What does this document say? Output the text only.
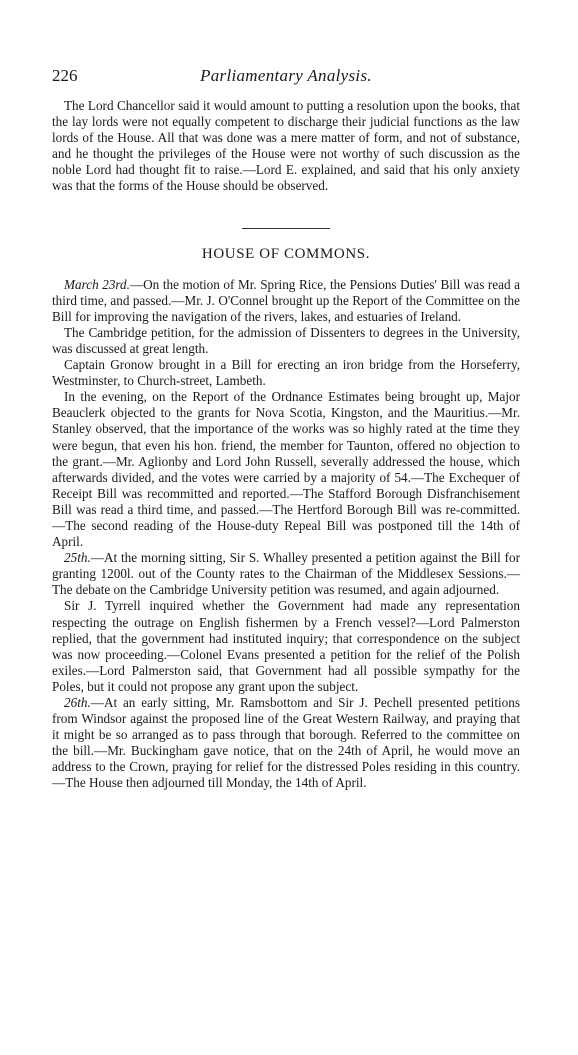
226	Parliamentary Analysis.

The Lord Chancellor said it would amount to putting a resolution upon the books, that the lay lords were not equally competent to discharge their judicial functions as the law lords of the House. All that was done was a mere matter of form, and not of substance, and he thought the privileges of the House were not worthy of such discussion as the noble Lord had thought fit to raise.—Lord E. explained, and said that his only anxiety was that the forms of the House should be observed.

HOUSE OF COMMONS.

March 23rd.—On the motion of Mr. Spring Rice, the Pensions Duties' Bill was read a third time, and passed.—Mr. J. O'Connel brought up the Report of the Committee on the Bill for improving the navigation of the rivers, lakes, and estuaries of Ireland.

The Cambridge petition, for the admission of Dissenters to degrees in the University, was discussed at great length.

Captain Gronow brought in a Bill for erecting an iron bridge from the Horseferry, Westminster, to Church-street, Lambeth.

In the evening, on the Report of the Ordnance Estimates being brought up, Major Beauclerk objected to the grants for Nova Scotia, Kingston, and the Mauritius.—Mr. Stanley observed, that the importance of the works was so highly rated at the time they were begun, that even his hon. friend, the member for Taunton, offered no objection to the grant.—Mr. Aglionby and Lord John Russell, severally addressed the house, which afterwards divided, and the votes were carried by a majority of 54.—The Exchequer of Receipt Bill was recommitted and reported.—The Stafford Borough Disfranchisement Bill was read a third time, and passed.—The Hertford Borough Bill was re-committed.—The second reading of the House-duty Repeal Bill was postponed till the 14th of April.

25th.—At the morning sitting, Sir S. Whalley presented a petition against the Bill for granting 1200l. out of the County rates to the Chairman of the Middlesex Sessions.—The debate on the Cambridge University petition was resumed, and again adjourned.

Sir J. Tyrrell inquired whether the Government had made any representation respecting the outrage on English fishermen by a French vessel?—Lord Palmerston replied, that the government had instituted inquiry; that correspondence on the subject was now proceeding.—Colonel Evans presented a petition for the relief of the Polish exiles.—Lord Palmerston said, that Government had all possible sympathy for the Poles, but it could not propose any grant upon the subject.

26th.—At an early sitting, Mr. Ramsbottom and Sir J. Pechell presented petitions from Windsor against the proposed line of the Great Western Railway, and praying that it might be so arranged as to pass through that borough. Referred to the committee on the bill.—Mr. Buckingham gave notice, that on the 24th of April, he would move an address to the Crown, praying for relief for the distressed Poles residing in this country.—The House then adjourned till Monday, the 14th of April.
